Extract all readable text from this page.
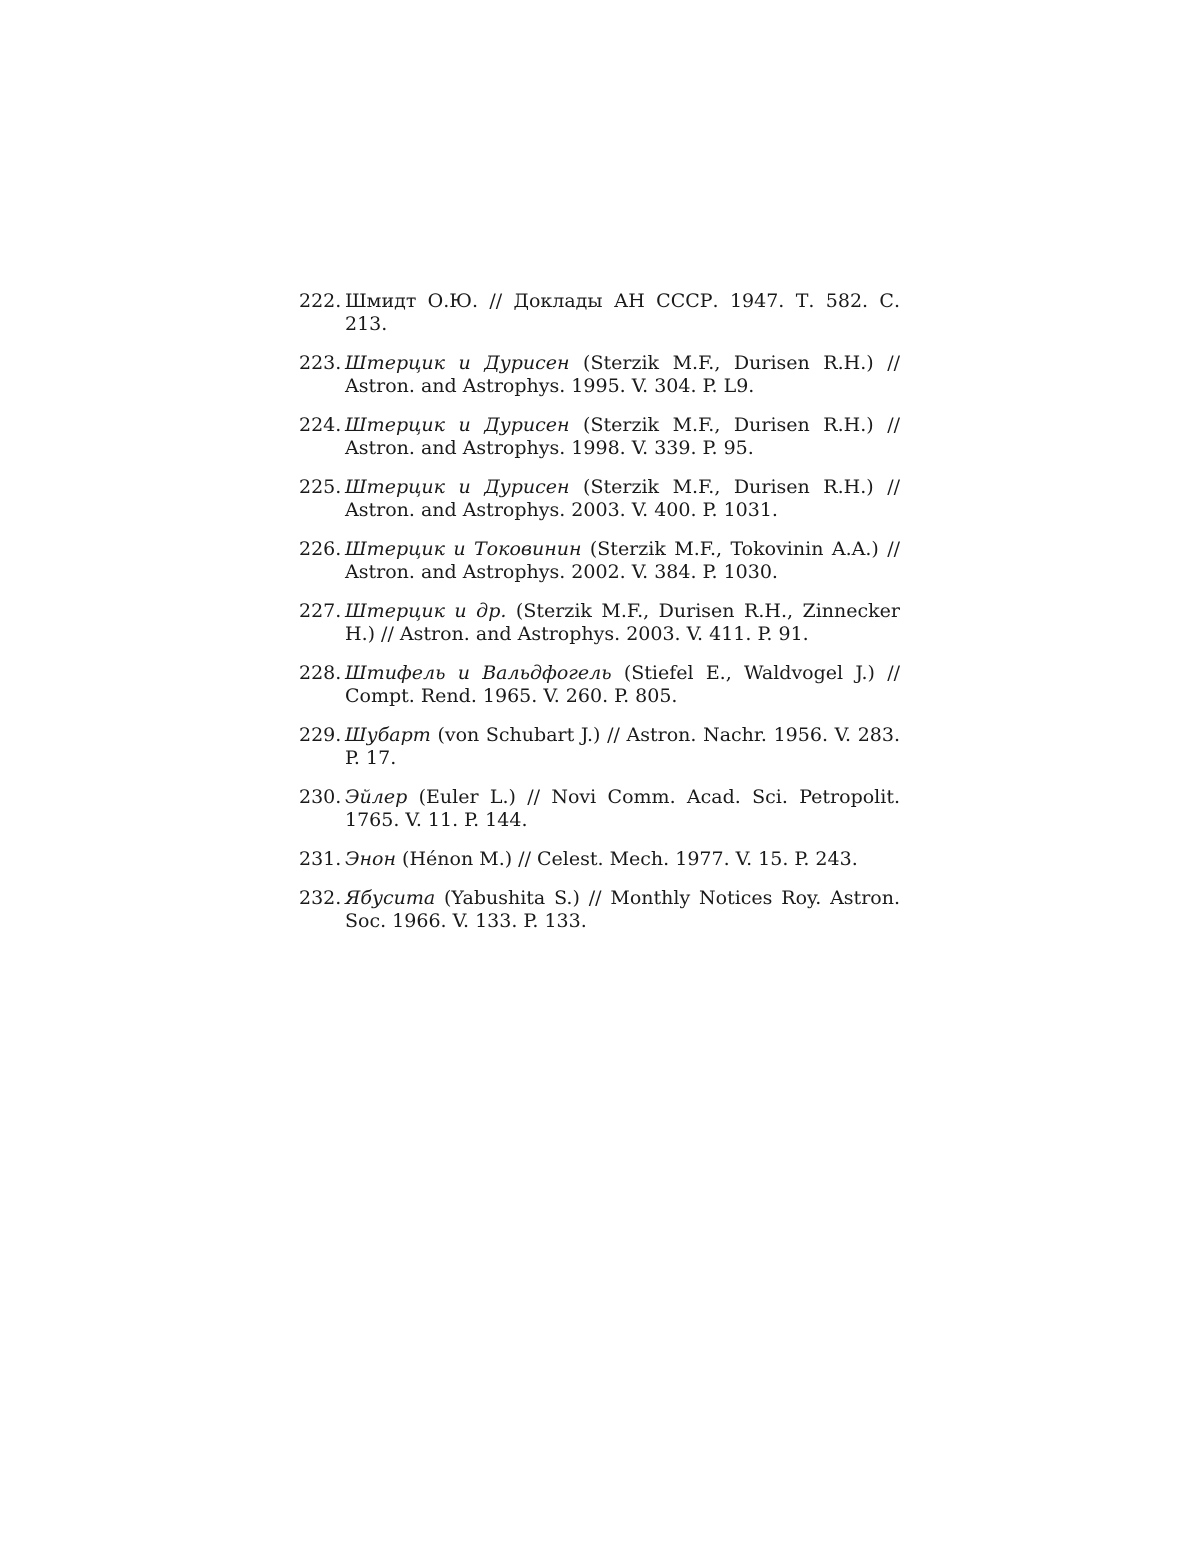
222. Шмидт О.Ю. // Доклады АН СССР. 1947. Т. 582. С. 213.
223. Штерцик и Дурисен (Sterzik M.F., Durisen R.H.) // Astron. and Astrophys. 1995. V. 304. P. L9.
224. Штерцик и Дурисен (Sterzik M.F., Durisen R.H.) // Astron. and Astrophys. 1998. V. 339. P. 95.
225. Штерцик и Дурисен (Sterzik M.F., Durisen R.H.) // Astron. and Astrophys. 2003. V. 400. P. 1031.
226. Штерцик и Токовинин (Sterzik M.F., Tokovinin A.A.) // Astron. and Astrophys. 2002. V. 384. P. 1030.
227. Штерцик и др. (Sterzik M.F., Durisen R.H., Zinnecker H.) // Astron. and Astrophys. 2003. V. 411. P. 91.
228. Штифель и Вальдфогель (Stiefel E., Waldvogel J.) // Compt. Rend. 1965. V. 260. P. 805.
229. Шубарт (von Schubart J.) // Astron. Nachr. 1956. V. 283. P. 17.
230. Эйлер (Euler L.) // Novi Comm. Acad. Sci. Petropolit. 1765. V. 11. P. 144.
231. Энон (Hénon M.) // Celest. Mech. 1977. V. 15. P. 243.
232. Ябусита (Yabushita S.) // Monthly Notices Roy. Astron. Soc. 1966. V. 133. P. 133.
